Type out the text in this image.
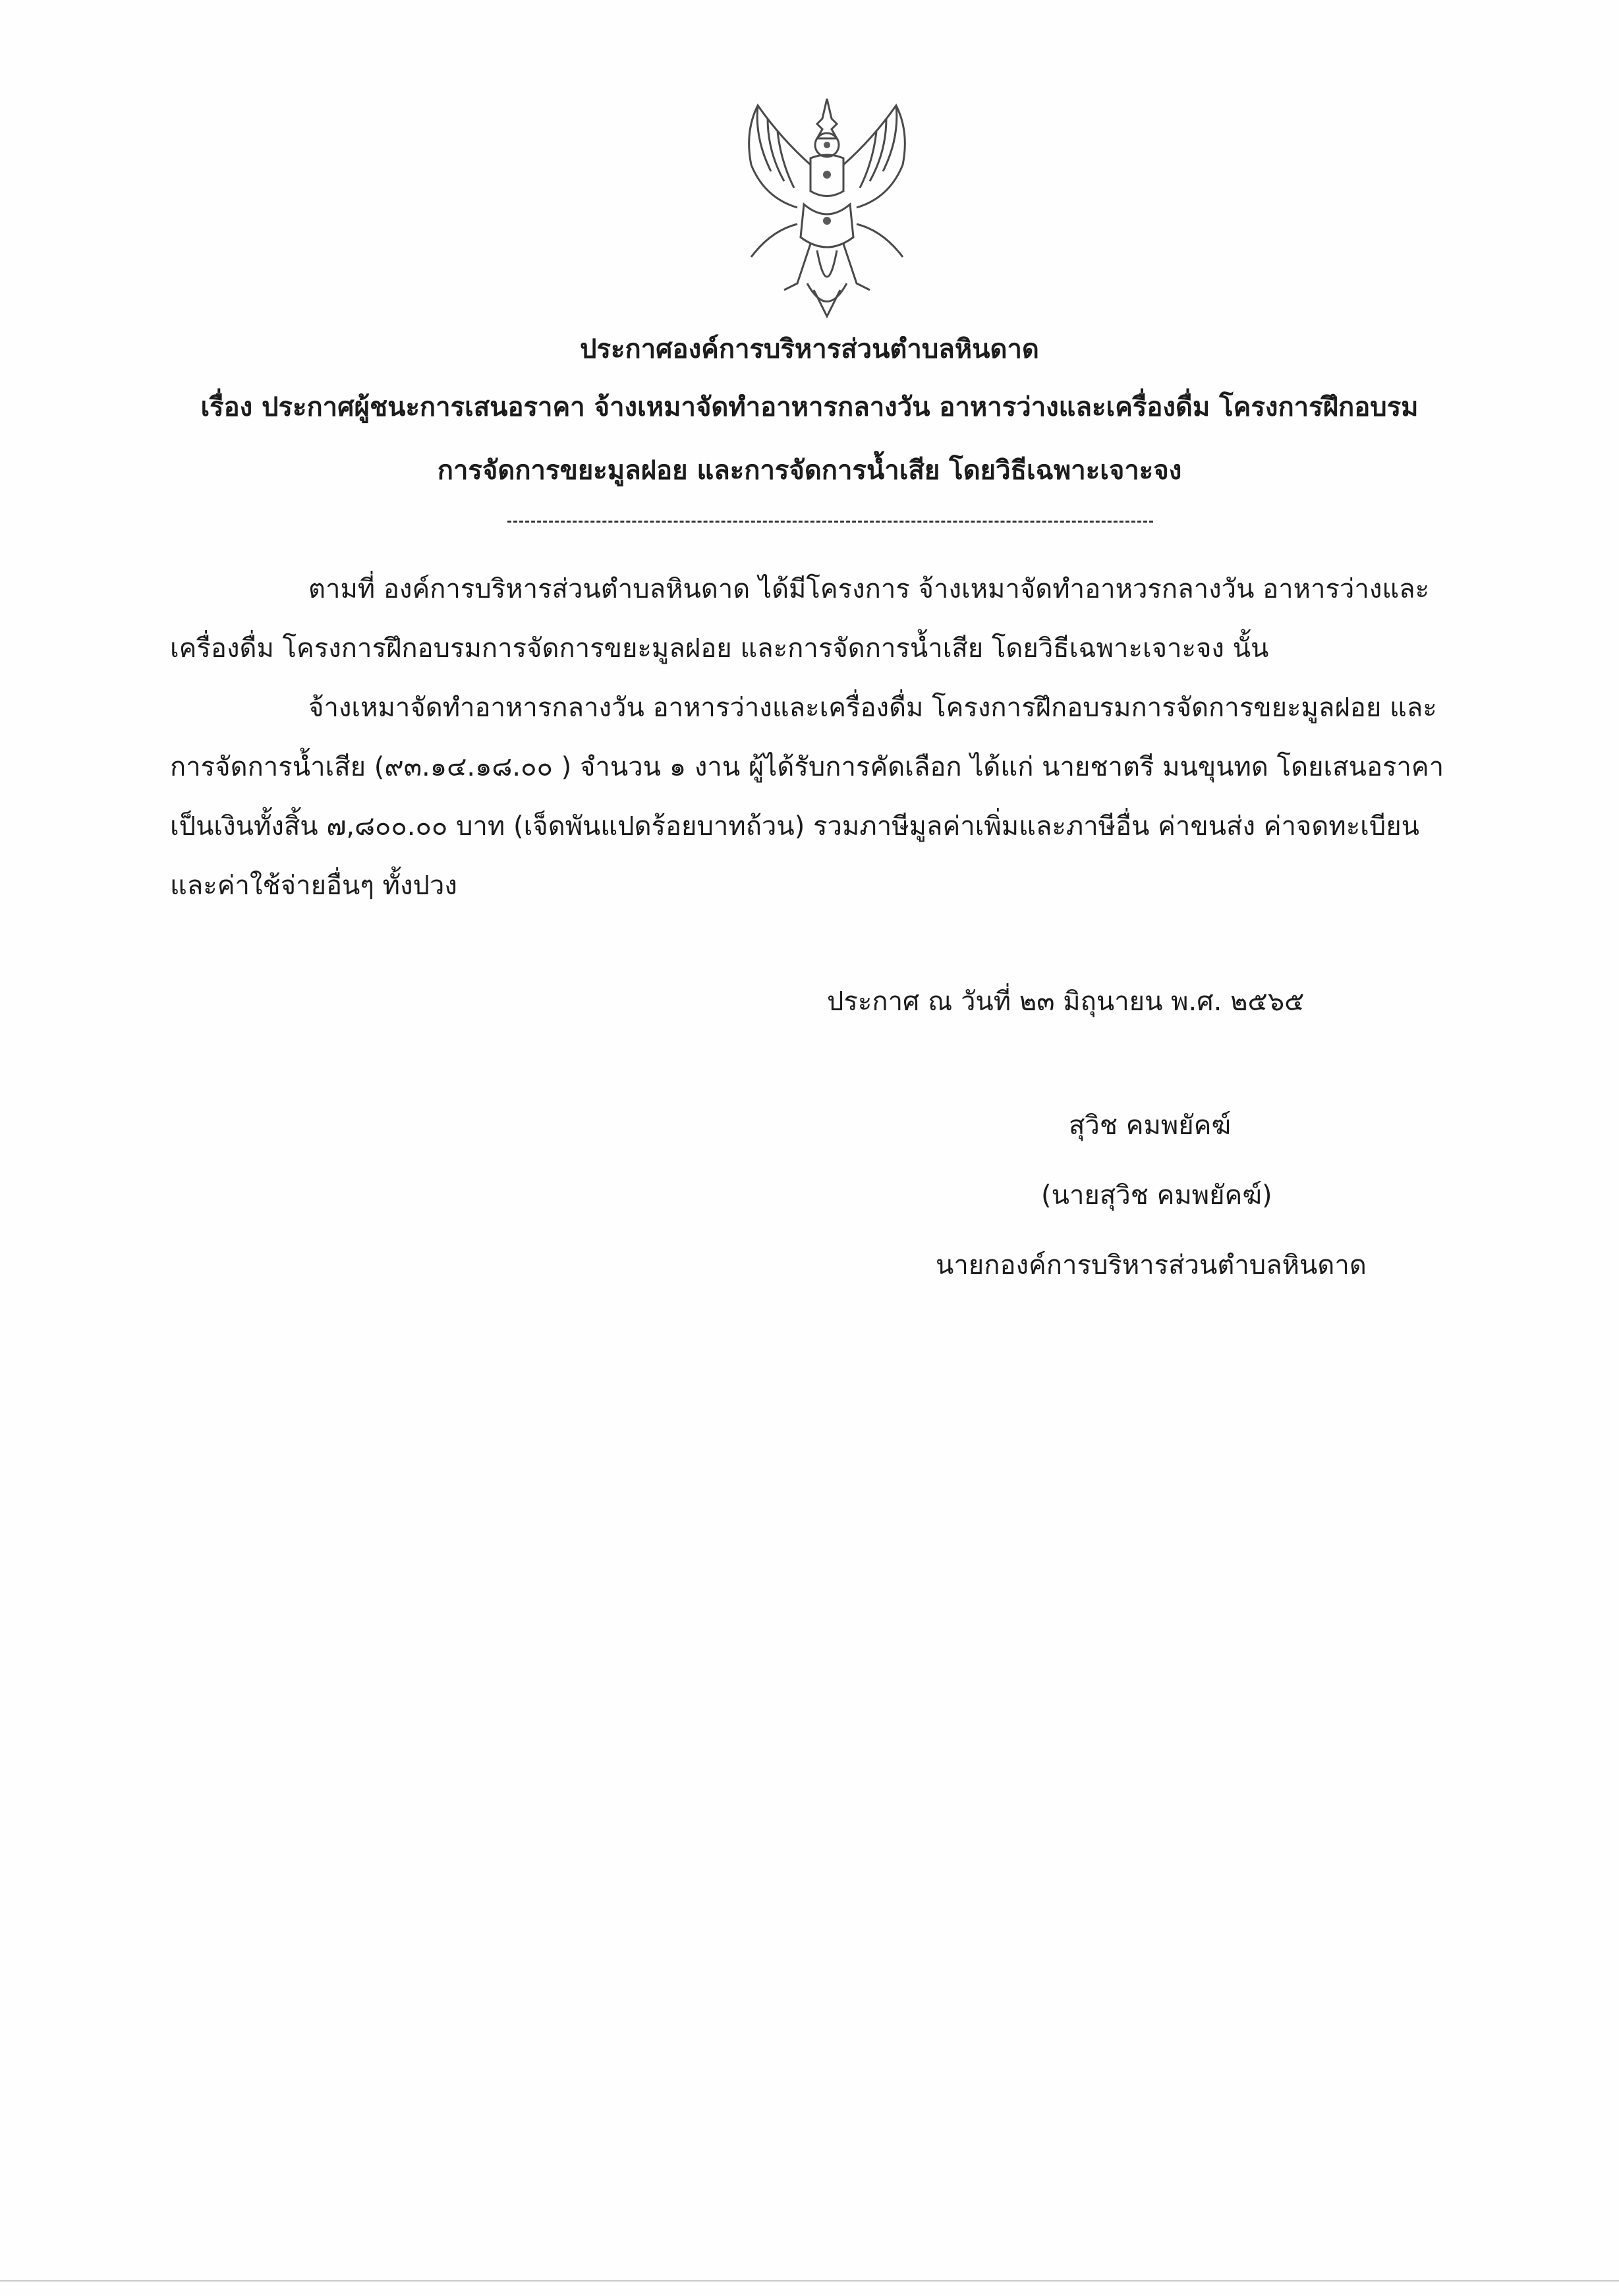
ประกาศองค์การบริหารส่วนตำบลหินดาด
เรื่อง ประกาศผู้ชนะการเสนอราคา จ้างเหมาจัดทำอาหารกลางวัน อาหารว่างและเครื่องดื่ม โครงการฝึกอบรม
การจัดการขยะมูลฝอย และการจัดการน้ำเสีย โดยวิธีเฉพาะเจาะจง
ตามที่ องค์การบริหารส่วนตำบลหินดาด ได้มีโครงการ จ้างเหมาจัดทำอาหวรกลางวัน อาหารว่างและ
เครื่องดื่ม โครงการฝึกอบรมการจัดการขยะมูลฝอย และการจัดการน้ำเสีย โดยวิธีเฉพาะเจาะจง นั้น
จ้างเหมาจัดทำอาหารกลางวัน อาหารว่างและเครื่องดื่ม โครงการฝึกอบรมการจัดการขยะมูลฝอย และ
การจัดการน้ำเสีย (๙๓.๑๔.๑๘.๐๐ ) จำนวน ๑ งาน ผู้ได้รับการคัดเลือก ได้แก่ นายชาตรี มนขุนทด โดยเสนอราคา
เป็นเงินทั้งสิ้น ๗,๘๐๐.๐๐ บาท (เจ็ดพันแปดร้อยบาทถ้วน) รวมภาษีมูลค่าเพิ่มและภาษีอื่น ค่าขนส่ง ค่าจดทะเบียน
และค่าใช้จ่ายอื่นๆ ทั้งปวง
ประกาศ ณ วันที่ ๒๓ มิถุนายน พ.ศ. ๒๕๖๕
สุวิช คมพยัคฆ์
(นายสุวิช คมพยัคฆ์)
นายกองค์การบริหารส่วนตำบลหินดาด
